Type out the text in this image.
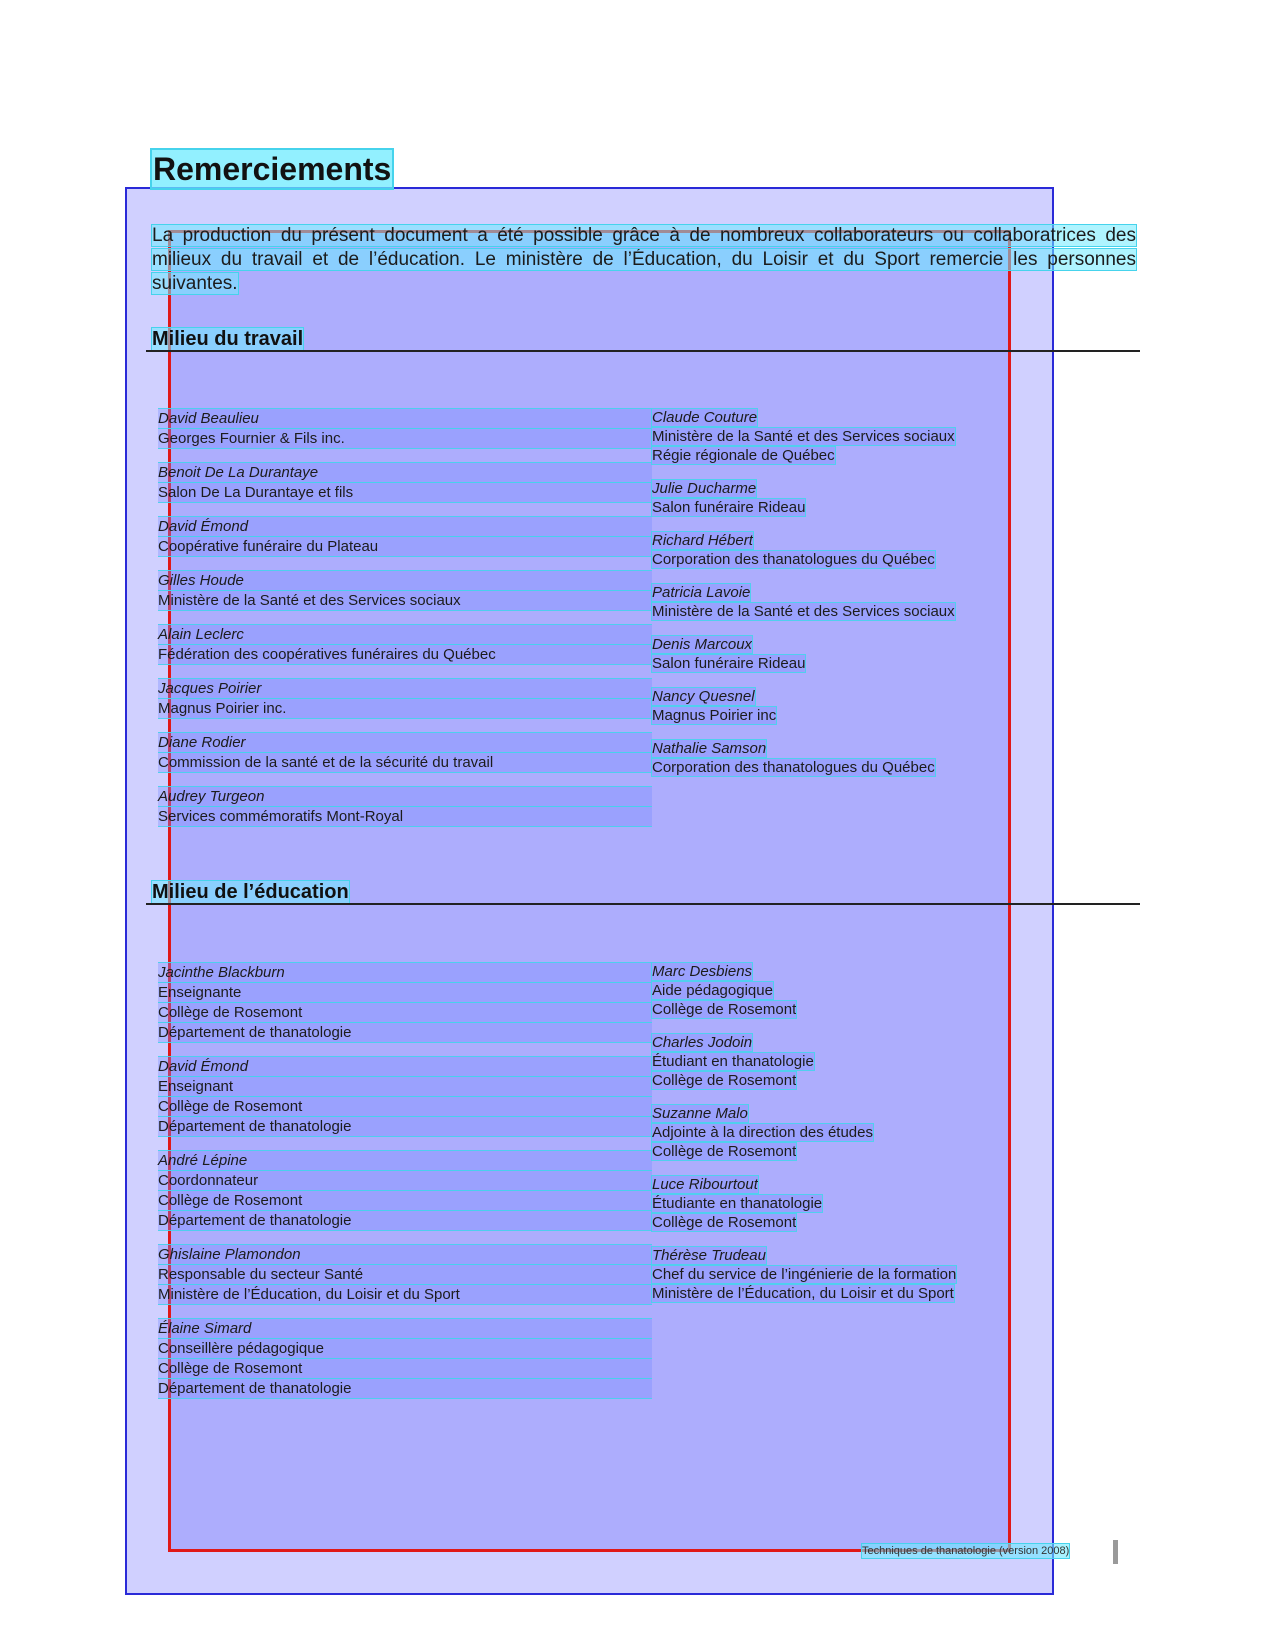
Remerciements

La production du présent document a été possible grâce à de nombreux collaborateurs ou collaboratrices des milieux du travail et de l’éducation. Le ministère de l’Éducation, du Loisir et du Sport remercie les personnes suivantes.

Milieu du travail
David Beaulieu
Georges Fournier & Fils inc.
Benoit De La Durantaye
Salon De La Durantaye et fils
David Émond
Coopérative funéraire du Plateau
Gilles Houde
Ministère de la Santé et des Services sociaux
Alain Leclerc
Fédération des coopératives funéraires du Québec
Jacques Poirier
Magnus Poirier inc.
Diane Rodier
Commission de la santé et de la sécurité du travail
Audrey Turgeon
Services commémoratifs Mont-Royal
Claude Couture
Ministère de la Santé et des Services sociaux
Régie régionale de Québec
Julie Ducharme
Salon funéraire Rideau
Richard Hébert
Corporation des thanatologues du Québec
Patricia Lavoie
Ministère de la Santé et des Services sociaux
Denis Marcoux
Salon funéraire Rideau
Nancy Quesnel
Magnus Poirier inc
Nathalie Samson
Corporation des thanatologues du Québec
Milieu de l’éducation
Jacinthe Blackburn
Enseignante
Collège de Rosemont
Département de thanatologie
David Émond
Enseignant
Collège de Rosemont
Département de thanatologie
André Lépine
Coordonnateur
Collège de Rosemont
Département de thanatologie
Ghislaine Plamondon
Responsable du secteur Santé
Ministère de l’Éducation, du Loisir et du Sport
Élaine Simard
Conseillère pédagogique
Collège de Rosemont
Département de thanatologie
Marc Desbiens
Aide pédagogique
Collège de Rosemont
Charles Jodoin
Étudiant en thanatologie
Collège de Rosemont
Suzanne Malo
Adjointe à la direction des études
Collège de Rosemont
Luce Ribourtout
Étudiante en thanatologie
Collège de Rosemont
Thérèse Trudeau
Chef du service de l’ingénierie de la formation
Ministère de l’Éducation, du Loisir et du Sport
Techniques de thanatologie (version 2008)
